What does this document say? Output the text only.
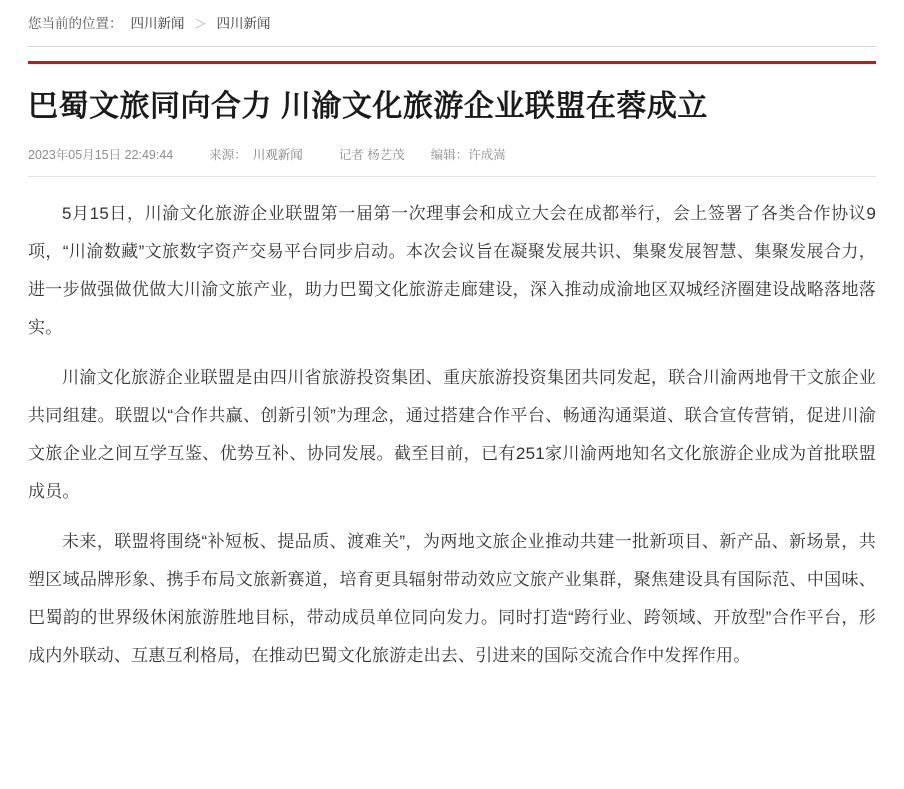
您当前的位置： 四川新闻 ＞ 四川新闻
巴蜀文旅同向合力 川渝文化旅游企业联盟在蓉成立
2023年05月15日 22:49:44	来源： 川观新闻	记者 杨艺茂 编辑：许成嵩

5月15日，川渝文化旅游企业联盟第一届第一次理事会和成立大会在成都举行，会上签署了各类合作协议9项，“川渝数藏”文旅数字资产交易平台同步启动。本次会议旨在凝聚发展共识、集聚发展智慧、集聚发展合力，进一步做强做优做大川渝文旅产业，助力巴蜀文化旅游走廊建设，深入推动成渝地区双城经济圈建设战略落地落实。

川渝文化旅游企业联盟是由四川省旅游投资集团、重庆旅游投资集团共同发起，联合川渝两地骨干文旅企业共同组建。联盟以“合作共赢、创新引领”为理念，通过搭建合作平台、畅通沟通渠道、联合宣传营销，促进川渝文旅企业之间互学互鉴、优势互补、协同发展。截至目前，已有251家川渝两地知名文化旅游企业成为首批联盟成员。

未来，联盟将围绕“补短板、提品质、渡难关”，为两地文旅企业推动共建一批新项目、新产品、新场景，共塑区域品牌形象、携手布局文旅新赛道，培育更具辐射带动效应文旅产业集群，聚焦建设具有国际范、中国味、巴蜀韵的世界级休闲旅游胜地目标，带动成员单位同向发力。同时打造“跨行业、跨领域、开放型”合作平台，形成内外联动、互惠互利格局，在推动巴蜀文化旅游走出去、引进来的国际交流合作中发挥作用。
